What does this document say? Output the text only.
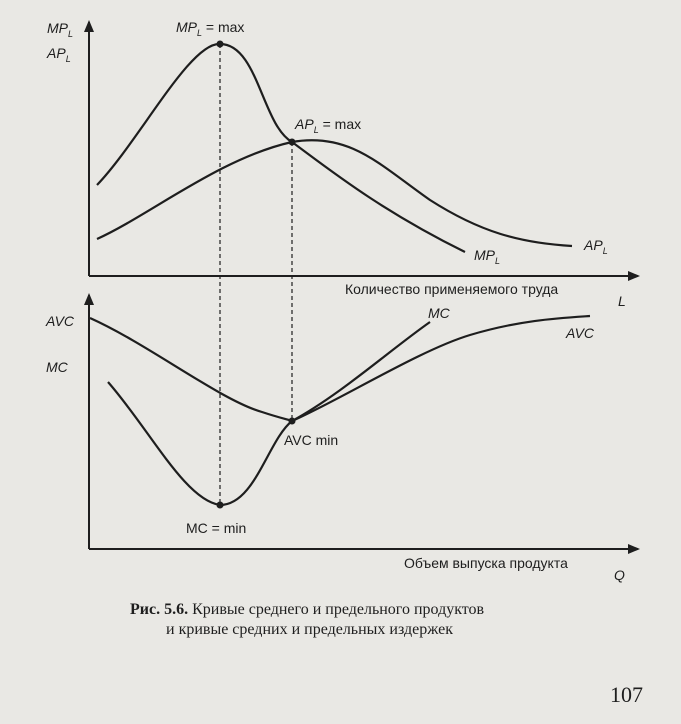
$MP_L$
$AP_L$
$MP_L = \max$
$AP_L = \max$
$MP_L$
$AP_L$
Количество применяемого труда
L
AVC
MC
MC
AVC
AVC min
MC = min
Объем выпуска продукта
Q
Рис. 5.6. Кривые среднего и предельного продуктов
и кривые средних и предельных издержек
107
